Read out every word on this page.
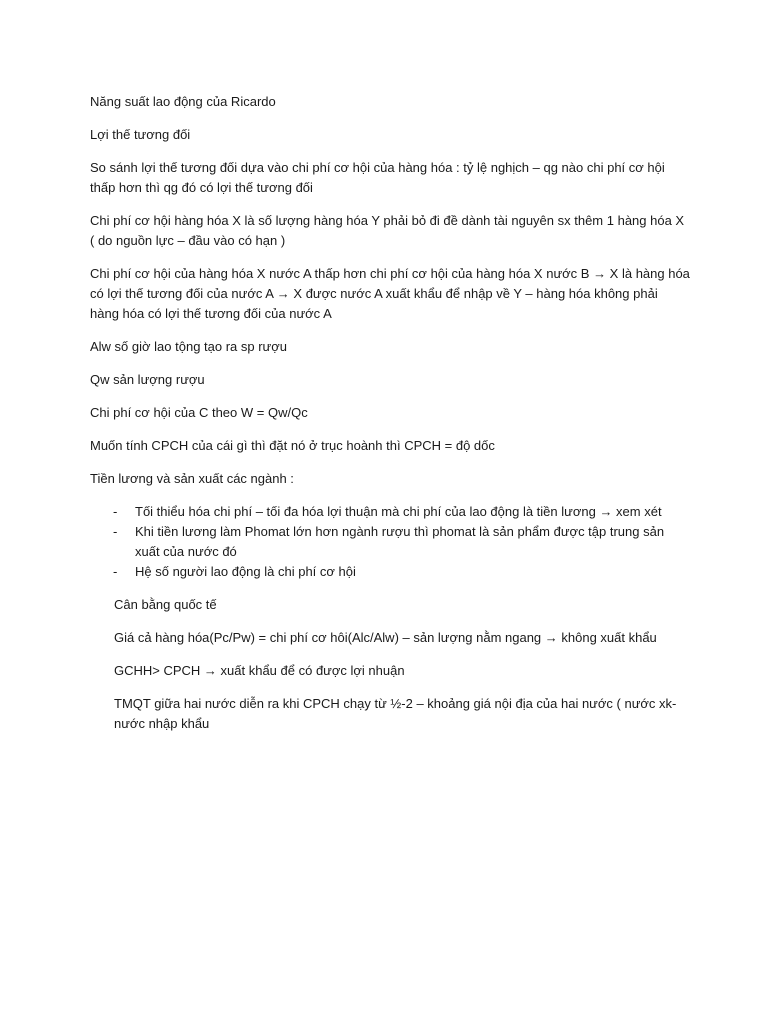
Năng suất lao động của Ricardo

Lợi thế tương đối

So sánh lợi thế tương đối dựa vào chi phí cơ hội của hàng hóa : tỷ lệ nghịch – qg nào chi phí cơ hội thấp hơn thì qg đó có lợi thế tương đối

Chi phí cơ hội hàng hóa X là số lượng hàng hóa Y phải bỏ đi đề dành tài nguyên sx thêm 1 hàng hóa X ( do nguồn lực – đầu vào có hạn )

Chi phí cơ hội của hàng hóa X nước A thấp hơn chi phí cơ hội của hàng hóa X nước B → X là hàng hóa có lợi thế tương đối của nước A → X được nước A xuất khẩu để nhập về Y – hàng hóa không phải hàng hóa có lợi thế tương đối của nước A

Alw số giờ lao tộng tạo ra sp rượu

Qw sản lượng rượu

Chi phí cơ hội của C theo W = Qw/Qc

Muốn tính CPCH của cái gì thì đặt nó ở trục hoành thì CPCH = độ dốc

Tiền lương và sản xuất các ngành :

- Tối thiểu hóa chi phí – tối đa hóa lợi thuận mà chi phí của lao động là tiền lương → xem xét
- Khi tiền lương làm Phomat lớn hơn ngành rượu thì phomat là sản phẩm được tập trung sản xuất của nước đó
- Hệ số người lao động là chi phí cơ hội

Cân bằng quốc tế

Giá cả hàng hóa(Pc/Pw) = chi phí cơ hôi(Alc/Alw) – sản lượng nằm ngang → không xuất khẩu

GCHH> CPCH → xuất khẩu để có được lợi nhuận

TMQT giữa hai nước diễn ra khi CPCH chạy từ ½-2 – khoảng giá nội địa của hai nước ( nước xk- nước nhập khẩu
